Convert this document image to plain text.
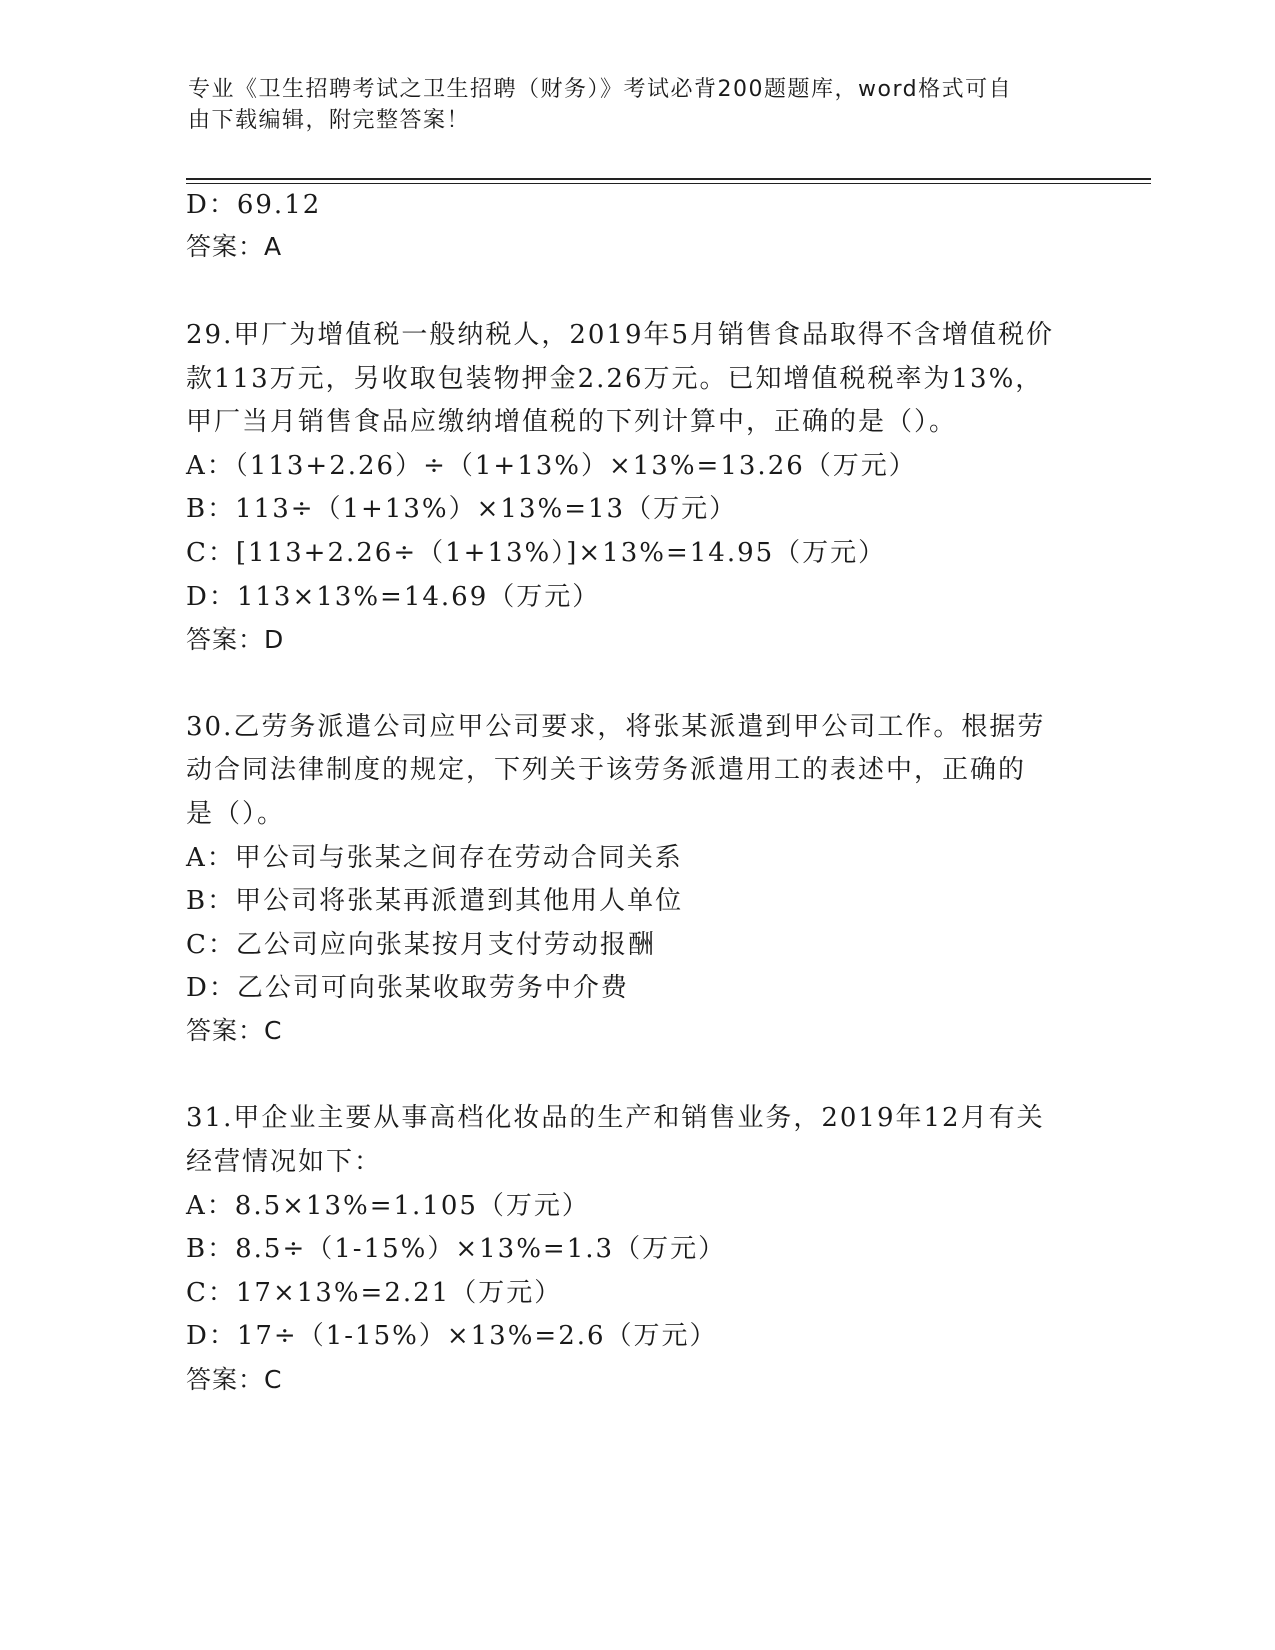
专业《卫生招聘考试之卫生招聘（财务）》考试必背200题题库，word格式可自
由下载编辑，附完整答案！
D：69.12
答案：A
29.甲厂为增值税一般纳税人，2019年5月销售食品取得不含增值税价
款113万元，另收取包装物押金2.26万元。已知增值税税率为13%，
甲厂当月销售食品应缴纳增值税的下列计算中，正确的是（）。
A：（113+2.26）÷（1+13%）×13%=13.26（万元）
B：113÷（1+13%）×13%=13（万元）
C：[113+2.26÷（1+13%）]×13%=14.95（万元）
D：113×13%=14.69（万元）
答案：D
30.乙劳务派遣公司应甲公司要求，将张某派遣到甲公司工作。根据劳
动合同法律制度的规定，下列关于该劳务派遣用工的表述中，正确的
是（）。
A：甲公司与张某之间存在劳动合同关系
B：甲公司将张某再派遣到其他用人单位
C：乙公司应向张某按月支付劳动报酬
D：乙公司可向张某收取劳务中介费
答案：C
31.甲企业主要从事高档化妆品的生产和销售业务，2019年12月有关
经营情况如下：
A：8.5×13%=1.105（万元）
B：8.5÷（1-15%）×13%=1.3（万元）
C：17×13%=2.21（万元）
D：17÷（1-15%）×13%=2.6（万元）
答案：C
